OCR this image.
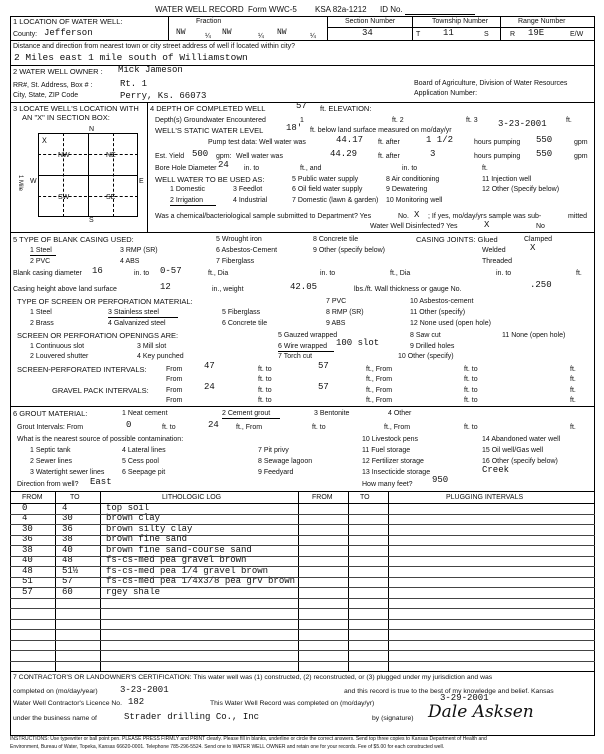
WATER WELL RECORD Form WWC-5 KSA 82a-1212 ID No.
1 LOCATION OF WATER WELL:	Fraction	Section Number	Township Number	Range Number
County: Jefferson	NW	¼ NW	¼ NW	¼	34	T	11	S	R 19E	E/W
Distance and direction from nearest town or city street address of well if located within city?
2 Miles east 1 mile south of Williamstown
2 WATER WELL OWNER : Mick Jameson
RR#, St. Address, Box # :	Rt. 1
City, State, ZIP Code	Perry, Ks. 66073
Board of Agriculture, Division of Water Resources
Application Number:
3 LOCATE WELL'S LOCATION WITH
AN "X" IN SECTION BOX:
N
S
W	E
1 Mile
NW	NE
SW	SE
X
4 DEPTH OF COMPLETED WELL	57 ft. ELEVATION:
Depth(s) Groundwater Encountered	1	ft. 2	ft. 3	ft.
WELL'S STATIC WATER LEVEL	18' ft. below land surface measured on mo/day/yr
3-23-2001
Pump test data: Well water was	44.17 ft. after	1 1/2	hours pumping 550	gpm
Est. Yield 500 gpm: Well water was	44.29	ft. after	3	hours pumping 550	gpm
Bore Hole Diameter 24 in. to	ft., and	in. to	ft.
WELL WATER TO BE USED AS:	5 Public water supply	8 Air conditioning	11 Injection well
1 Domestic	3 Feedlot	6 Oil field water supply	9 Dewatering	12 Other (Specify below)
2 Irrigation	4 Industrial	7 Domestic (lawn & garden) 10 Monitoring well
Was a chemical/bacteriological sample submitted to Department? Yes	No. X ; If yes, mo/day/yrs sample was sub-	mitted
Water Well Disinfected? Yes	X	No
5 TYPE OF BLANK CASING USED:
1 Steel	3 RMP (SR)
5 Wrought iron	8 Concrete tile	CASING JOINTS: Glued	Clamped
2 PVC	4 ABS
6 Asbestos-Cement	9 Other (specify below)	Welded	X
7 Fiberglass	Threaded
Blank casing diameter 16	in. to 0-57	ft., Dia	in. to	ft., Dia	in. to	ft.
Casing height above land surface	12	in., weight	42.05	lbs./ft. Wall thickness or gauge No.	.250
TYPE OF SCREEN OR PERFORATION MATERIAL:	7 PVC	10 Asbestos-cement
1 Steel	3 Stainless steel	5 Fiberglass	8 RMP (SR)	11 Other (specify)
2 Brass	4 Galvanized steel	6 Concrete tile	9 ABS	12 None used (open hole)
SCREEN OR PERFORATION OPENINGS ARE:	5 Gauzed wrapped	8 Saw cut	11 None (open hole)
1 Continuous slot	3 Mill slot	6 Wire wrapped 100 slot	9 Drilled holes
2 Louvered shutter	4 Key punched	7 Torch cut	10 Other (specify)
SCREEN-PERFORATED INTERVALS:	From 47	ft. to	57	ft., From	ft. to	ft.
From	ft. to	ft., From	ft. to	ft.
GRAVEL PACK INTERVALS: From 24	ft. to	57	ft., From	ft. to	ft.
From	ft. to	ft., From	ft. to	ft.
6 GROUT MATERIAL:	1 Neat cement	2 Cement grout	3 Bentonite	4 Other
Grout Intervals: From	0	ft. to	24 ft., From	ft. to	ft., From	ft. to	ft.
What is the nearest source of possible contamination:	10 Livestock pens	14 Abandoned water well
1 Septic tank	4 Lateral lines	7 Pit privy	11 Fuel storage	15 Oil well/Gas well
2 Sewer lines	5 Cess pool	8 Sewage lagoon	12 Fertilizer storage	16 Other (specify below)
3 Watertight sewer lines	6 Seepage pit	9 Feedyard	13 Insecticide storage	Creek
Direction from well? East	How many feet? 950
FROM	TO	LITHOLOGIC LOG	FROM	TO	PLUGGING INTERVALS
0	4	top soil
4	30	brown clay
30	36	brown silty clay
36	38	brown fine sand
38	40	brown fine sand-course sand
40	48	fs-cs-med pea gravel brown
48	51½	fs-cs-med pea 1/4 gravel brown
51	57	fs-cs-med pea 1/4x3/8 pea grv brown
57	60	rgey shale
7 CONTRACTOR'S OR LANDOWNER'S CERTIFICATION: This water well was (1) constructed, (2) reconstructed, or (3) plugged under my jurisdiction and was
completed on (mo/day/year) 3-23-2001	and this record is true to the best of my knowledge and belief. Kansas
Water Well Contractor's Licence No. 182	This Water Well Record was completed on (mo/day/yr)
3-29-2001
under the business name of	Strader drilling Co., Inc	by (signature) Dale Asksen
INSTRUCTIONS: Use typewriter or ball point pen. PLEASE PRESS FIRMLY and PRINT clearly. Please fill in blanks, underline or circle the correct answers. Send top three copies to Kansas Department of Health and
Environment, Bureau of Water, Topeka, Kansas 66620-0001. Telephone 785-296-5524. Send one to WATER WELL OWNER and retain one for your records. Fee of $5.00 for each constructed well.
